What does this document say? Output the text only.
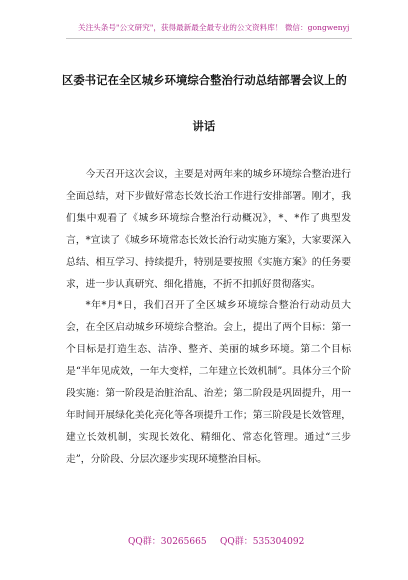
关注头条号"公文研究"，获得最新最全最专业的公文资料库！ 微信：gongwenyj
区委书记在全区城乡环境综合整治行动总结部署会议上的
讲话

今天召开这次会议，主要是对两年来的城乡环境综合整治进行全面总结，对下步做好常态长效长治工作进行安排部署。刚才，我们集中观看了《城乡环境综合整治行动概况》，*、*作了典型发言，*宣读了《城乡环境常态长效长治行动实施方案》，大家要深入总结、相互学习、持续提升，特别是要按照《实施方案》的任务要求，进一步认真研究、细化措施，不折不扣抓好贯彻落实。

*年*月*日，我们召开了全区城乡环境综合整治行动动员大会，在全区启动城乡环境综合整治。会上，提出了两个目标：第一个目标是打造生态、洁净、整齐、美丽的城乡环境。第二个目标是“半年见成效，一年大变样，二年建立长效机制”。具体分三个阶段实施：第一阶段是治脏治乱、治差；第二阶段是巩固提升，用一年时间开展绿化美化亮化等各项提升工作；第三阶段是长效管理，建立长效机制，实现长效化、精细化、常态化管理。通过“三步走”，分阶段、分层次逐步实现环境整治目标。

QQ群：30265665 QQ群：535304092
